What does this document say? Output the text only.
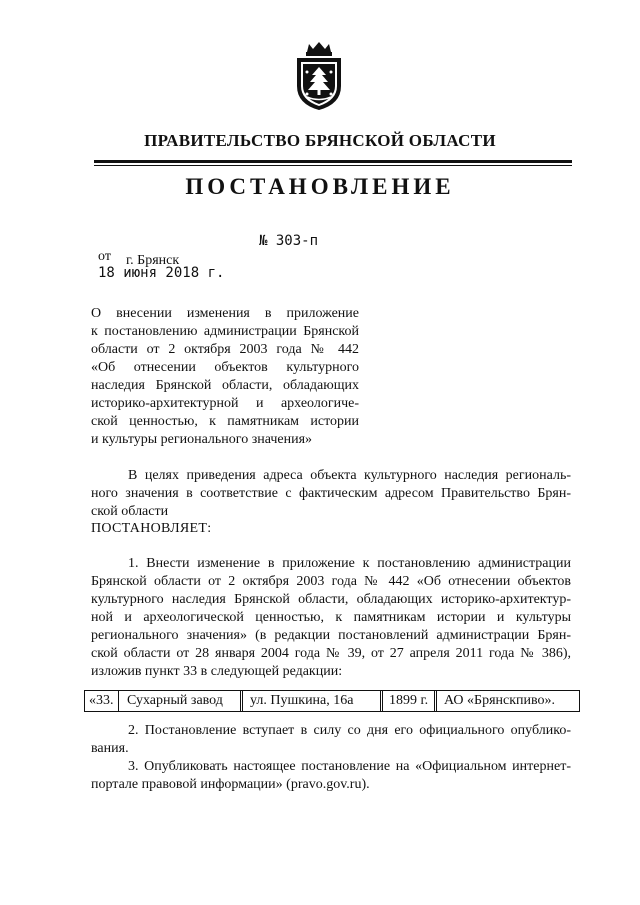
ПРАВИТЕЛЬСТВО БРЯНСКОЙ ОБЛАСТИ
ПОСТАНОВЛЕНИЕ

от
18 июня 2018 г.

№ 303-п

г. Брянск
О внесении изменения в приложение
к постановлению администрации Брянской
области от 2 октября 2003 года № 442
«Об отнесении объектов культурного
наследия Брянской области, обладающих
историко-архитектурной и археологиче-
ской ценностью, к памятникам истории
и культуры регионального значения»
В целях приведения адреса объекта культурного наследия региональ-
ного значения в соответствие с фактическим адресом Правительство Брян-
ской области
ПОСТАНОВЛЯЕТ:
1. Внести изменение в приложение к постановлению администрации
Брянской области от 2 октября 2003 года № 442 «Об отнесении объектов
культурного наследия Брянской области, обладающих историко-архитектур-
ной и археологической ценностью, к памятникам истории и культуры
регионального значения» (в редакции постановлений администрации Брян-
ской области от 28 января 2004 года № 39, от 27 апреля 2011 года № 386),
изложив пункт 33 в следующей редакции:
«33. Сухарный завод ул. Пушкина, 16а	1899 г. АО «Брянскпиво».
2. Постановление вступает в силу со дня его официального опублико-
вания.
3. Опубликовать настоящее постановление на «Официальном интернет-
портале правовой информации» (pravo.gov.ru).
